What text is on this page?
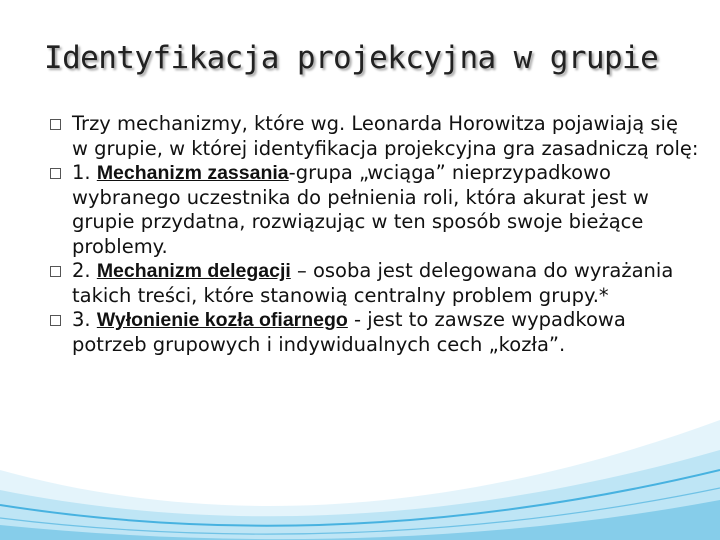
Identyfikacja projekcyjna w grupie
Trzy mechanizmy, które wg. Leonarda Horowitza pojawiają się w grupie, w której identyfikacja projekcyjna gra zasadniczą rolę:
1. Mechanizm zassania-grupa „wciąga” nieprzypadkowo wybranego uczestnika do pełnienia roli, która akurat jest w grupie przydatna, rozwiązując w ten sposób swoje bieżące problemy.
2. Mechanizm delegacji – osoba jest delegowana do wyrażania takich treści, które stanowią centralny problem grupy.*
3. Wyłonienie kozła ofiarnego - jest to zawsze wypadkowa potrzeb grupowych i indywidualnych cech „kozła”.
